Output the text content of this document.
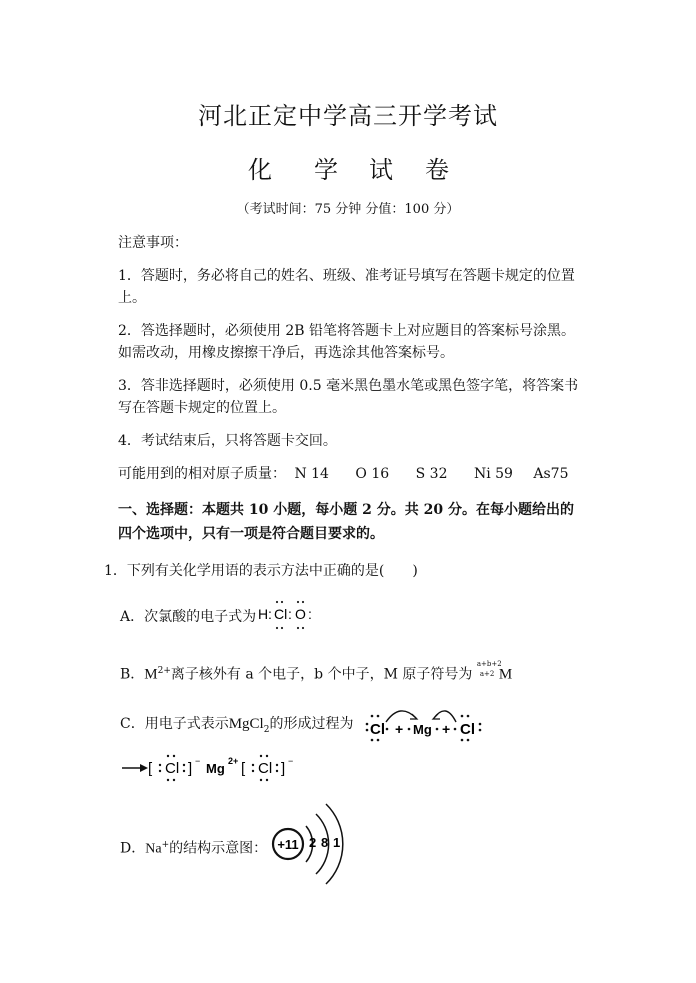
河北正定中学高三开学考试
化 学 试 卷
（考试时间：75 分钟 分值：100 分）
注意事项：
1．答题时，务必将自己的姓名、班级、准考证号填写在答题卡规定的位置上。
2．答选择题时，必须使用 2B 铅笔将答题卡上对应题目的答案标号涂黑。如需改动，用橡皮擦擦干净后，再选涂其他答案标号。
3．答非选择题时，必须使用 0.5 毫米黑色墨水笔或黑色签字笔，将答案书写在答题卡规定的位置上。
4．考试结束后，只将答题卡交回。
可能用到的相对原子质量： N 14 O 16 S 32 Ni 59 As75
一、选择题：本题共 10 小题，每小题 2 分。共 20 分。在每小题给出的四个选项中，只有一项是符合题目要求的。
1．下列有关化学用语的表示方法中正确的是(　　)
A．次氯酸的电子式为 H : Cl : O :
B．$M^{2+}$离子核外有 a 个电子，b 个中子，M 原子符号为
a+b+2
a+2 M
C．用电子式表示MgCl$_2$的形成过程为 Cl + Mg + Cl
[ Cl ] − Mg 2+ [ Cl ] −
D．Na+的结构示意图： +11 2 8 1
